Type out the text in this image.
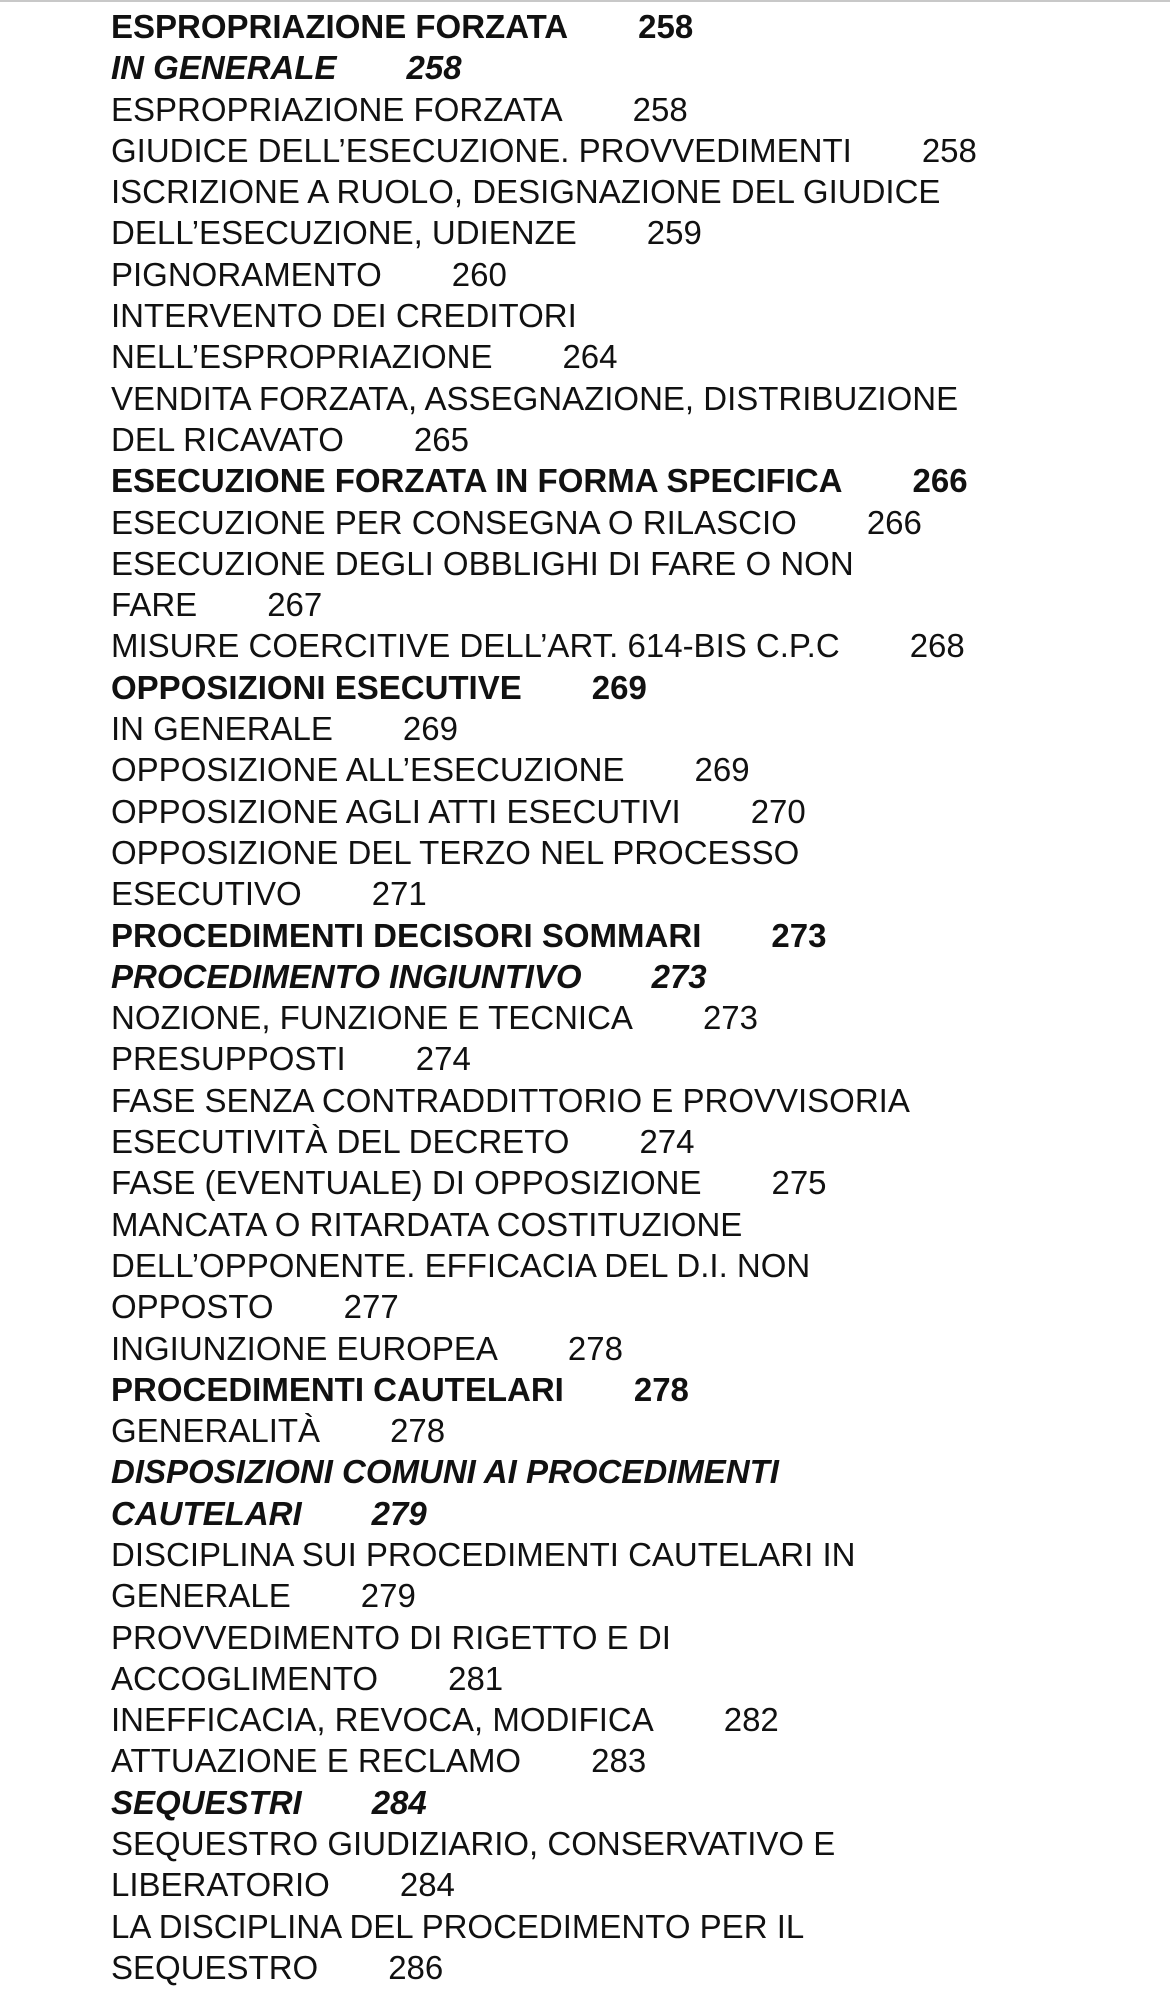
ESPROPRIAZIONE FORZATA 258
IN GENERALE 258
ESPROPRIAZIONE FORZATA 258
GIUDICE DELL’ESECUZIONE. PROVVEDIMENTI 258
ISCRIZIONE A RUOLO, DESIGNAZIONE DEL GIUDICE
DELL’ESECUZIONE, UDIENZE 259
PIGNORAMENTO 260
INTERVENTO DEI CREDITORI
NELL’ESPROPRIAZIONE 264
VENDITA FORZATA, ASSEGNAZIONE, DISTRIBUZIONE
DEL RICAVATO 265
ESECUZIONE FORZATA IN FORMA SPECIFICA 266
ESECUZIONE PER CONSEGNA O RILASCIO 266
ESECUZIONE DEGLI OBBLIGHI DI FARE O NON
FARE 267
MISURE COERCITIVE DELL’ART. 614-BIS C.P.C 268
OPPOSIZIONI ESECUTIVE 269
IN GENERALE 269
OPPOSIZIONE ALL’ESECUZIONE 269
OPPOSIZIONE AGLI ATTI ESECUTIVI 270
OPPOSIZIONE DEL TERZO NEL PROCESSO
ESECUTIVO 271
PROCEDIMENTI DECISORI SOMMARI 273
PROCEDIMENTO INGIUNTIVO 273
NOZIONE, FUNZIONE E TECNICA 273
PRESUPPOSTI 274
FASE SENZA CONTRADDITTORIO E PROVVISORIA
ESECUTIVITÀ DEL DECRETO 274
FASE (EVENTUALE) DI OPPOSIZIONE 275
MANCATA O RITARDATA COSTITUZIONE
DELL’OPPONENTE. EFFICACIA DEL D.I. NON
OPPOSTO 277
INGIUNZIONE EUROPEA 278
PROCEDIMENTI CAUTELARI 278
GENERALITÀ 278
DISPOSIZIONI COMUNI AI PROCEDIMENTI
CAUTELARI 279
DISCIPLINA SUI PROCEDIMENTI CAUTELARI IN
GENERALE 279
PROVVEDIMENTO DI RIGETTO E DI
ACCOGLIMENTO 281
INEFFICACIA, REVOCA, MODIFICA 282
ATTUAZIONE E RECLAMO 283
SEQUESTRI 284
SEQUESTRO GIUDIZIARIO, CONSERVATIVO E
LIBERATORIO 284
LA DISCIPLINA DEL PROCEDIMENTO PER IL
SEQUESTRO 286
